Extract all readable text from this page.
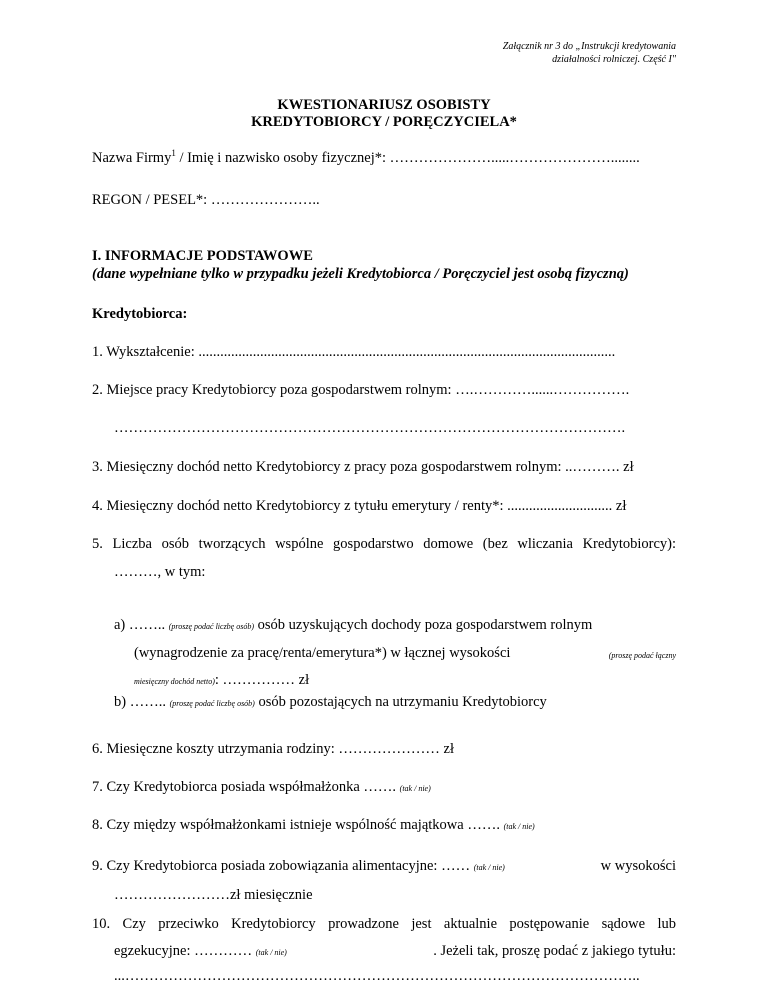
Załącznik nr 3 do „Instrukcji kredytowania
działalności rolniczej. Część I"
KWESTIONARIUSZ OSOBISTY
KREDYTOBIORCY / PORĘCZYCIELA*
Nazwa Firmy$^1$ / Imię i nazwisko osoby fizycznej*: ………………….....…………………........
REGON / PESEL*: …………………..
I. INFORMACJE PODSTAWOWE
(dane wypełniane tylko w przypadku jeżeli Kredytobiorca / Poręczyciel jest osobą fizyczną)
Kredytobiorca:
1. Wykształcenie: ...................................................................................................................
2. Miejsce pracy Kredytobiorcy poza gospodarstwem rolnym: ….…………......…………….
…………………………………………………………………………………………….
3. Miesięczny dochód netto Kredytobiorcy z pracy poza gospodarstwem rolnym: ..………. zł
4. Miesięczny dochód netto Kredytobiorcy z tytułu emerytury / renty*: ............................. zł
5. Liczba osób tworzących wspólne gospodarstwo domowe (bez wliczania Kredytobiorcy):
………, w tym:
a) …….. (proszę podać liczbę osób) osób uzyskujących dochody poza gospodarstwem rolnym
(wynagrodzenie za pracę/renta/emerytura*) w łącznej wysokości	(proszę podać łączny
miesięczny dochód netto): …………… zł
b) …….. (proszę podać liczbę osób) osób pozostających na utrzymaniu Kredytobiorcy
6. Miesięczne koszty utrzymania rodziny: ………………… zł
7. Czy Kredytobiorca posiada współmałżonka ……. (tak / nie)
8. Czy między współmałżonkami istnieje wspólność majątkowa ……. (tak / nie)
9. Czy Kredytobiorca posiada zobowiązania alimentacyjne: …… (tak / nie)	w wysokości
……………………zł miesięcznie
10. Czy przeciwko Kredytobiorcy prowadzone jest aktualnie postępowanie sądowe lub
egzekucyjne: ………… (tak / nie)	. Jeżeli tak, proszę podać z jakiego tytułu:
...……………………………………………………………………………………………..
